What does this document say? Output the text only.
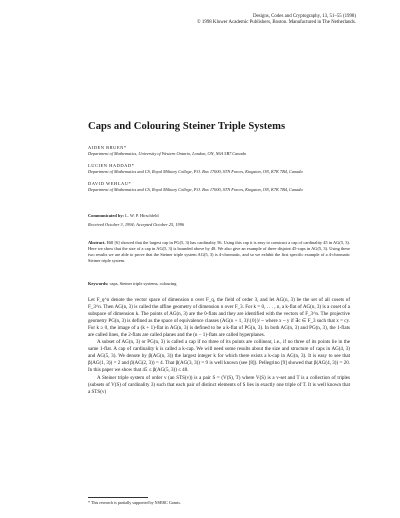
Designs, Codes and Cryptography, 13, 51–55 (1998)
© 1998 Kluwer Academic Publishers, Boston. Manufactured in The Netherlands.
Caps and Colouring Steiner Triple Systems
AIDEN BRUEN*
Department of Mathematics, University of Western Ontario, London, ON, N6A 5B7 Canada
LUCIEN HADDAD*
Department of Mathematics and CS, Royal Military College, P.O. Box 17000, STN Forces, Kingston, ON, K7K 7B4, Canada
DAVID WEHLAU*
Department of Mathematics and CS, Royal Military College, P.O. Box 17000, STN Forces, Kingston, ON, K7K 7B4, Canada
Communicated by: L. W. P. Hirschfeld
Received October 3, 1994; Accepted October 25, 1996
Abstract. Hill [6] showed that the largest cap in PG(5, 3) has cardinality 56. Using this cap it is easy to construct a cap of cardinality 45 in AG(5, 3). Here we show that the size of a cap in AG(5, 3) is bounded above by 48. We also give an example of three disjoint 45-caps in AG(5, 3). Using these two results we are able to prove that the Steiner triple system AG(5, 3) is 4-chromatic, and so we exhibit the first specific example of a 4-chromatic Steiner triple system.
Keywords: caps, Steiner triple systems, colouring

Let F_q^n denote the vector space of dimension n over F_q, the field of order 3, and let AG(n, 3) be the set of all cosets of F_3^n. Then AG(n, 3) is called the affine geometry of dimension n over F_3. For k = 0, . . . , n, a k-flat of AG(n, 3) is a coset of a subspace of dimension k. The points of AG(n, 3) are the 0-flats and they are identified with the vectors of F_3^n. The projective geometry PG(n, 3) is defined as the space of equivalence classes (AG(n + 1, 3)\{0})/ ~ where x ~ y if ∃c ∈ F_3 such that x = cy. For k ≥ 0, the image of a (k + 1)-flat in AG(n, 3) is defined to be a k-flat of PG(n, 3). In both AG(n, 3) and PG(n, 3), the 1-flats are called lines, the 2-flats are called planes and the (n − 1)-flats are called hyperplanes.

A subset of AG(n, 3) or PG(n, 3) is called a cap if no three of its points are collinear, i.e., if no three of its points lie in the same 1-flat. A cap of cardinality k is called a k-cap. We will need some results about the size and structure of caps in AG(4, 3) and AG(5, 3). We denote by β(AG(n, 3)) the largest integer k for which there exists a k-cap in AG(n, 3). It is easy to see that β(AG(1, 3)) = 2 and β(AG(2, 3)) = 4. That β(AG(3, 3)) = 9 is well known (see [8]). Pellegrino [9] showed that β(AG(4, 3)) = 20. In this paper we show that 45 ≤ β(AG(5, 3)) ≤ 48.

A Steiner triple system of order v (an STS(v)) is a pair S = (V(S), T) where V(S) is a v-set and T is a collection of triples (subsets of V(S) of cardinality 3) such that each pair of distinct elements of S lies in exactly one triple of T. It is well known that a STS(v)

* This research is partially supported by NSERC Grants.
